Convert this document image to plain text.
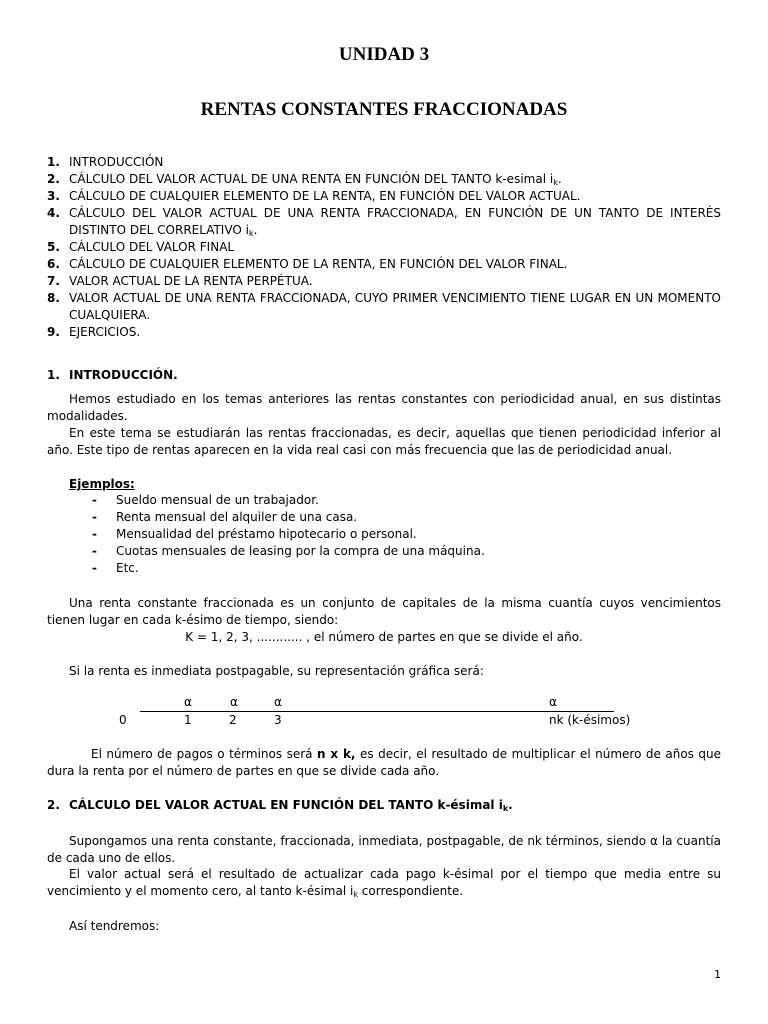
UNIDAD 3
RENTAS CONSTANTES FRACCIONADAS
1. INTRODUCCIÓN
2. CÁLCULO DEL VALOR ACTUAL DE UNA RENTA EN FUNCIÓN DEL TANTO k-esimal $i_k$.
3. CÁLCULO DE CUALQUIER ELEMENTO DE LA RENTA, EN FUNCIÓN DEL VALOR ACTUAL.
4. CÁLCULO DEL VALOR ACTUAL DE UNA RENTA FRACCIONADA, EN FUNCIÓN DE UN TANTO DE INTERÉS DISTINTO DEL CORRELATIVO $i_k$.
5. CÁLCULO DEL VALOR FINAL
6. CÁLCULO DE CUALQUIER ELEMENTO DE LA RENTA, EN FUNCIÓN DEL VALOR FINAL.
7. VALOR ACTUAL DE LA RENTA PERPÉTUA.
8. VALOR ACTUAL DE UNA RENTA FRACCIONADA, CUYO PRIMER VENCIMIENTO TIENE LUGAR EN UN MOMENTO CUALQUIERA.
9. EJERCICIOS.
1. INTRODUCCIÓN.
Hemos estudiado en los temas anteriores las rentas constantes con periodicidad anual, en sus distintas modalidades.
En este tema se estudiarán las rentas fraccionadas, es decir, aquellas que tienen periodicidad inferior al año. Este tipo de rentas aparecen en la vida real casi con más frecuencia que las de periodicidad anual.
Ejemplos:
- Sueldo mensual de un trabajador.
- Renta mensual del alquiler de una casa.
- Mensualidad del préstamo hipotecario o personal.
- Cuotas mensuales de leasing por la compra de una máquina.
- Etc.
Una renta constante fraccionada es un conjunto de capitales de la misma cuantía cuyos vencimientos tienen lugar en cada k-ésimo de tiempo, siendo:
K = 1, 2, 3, ............ , el número de partes en que se divide el año.
Si la renta es inmediata postpagable, su representación gráfica será:
α	α	α	α
0	1	2	3	nk (k-ésimos)
El número de pagos o términos será n x k, es decir, el resultado de multiplicar el número de años que dura la renta por el número de partes en que se divide cada año.
2. CÁLCULO DEL VALOR ACTUAL EN FUNCIÓN DEL TANTO k-ésimal $i_k$.
Supongamos una renta constante, fraccionada, inmediata, postpagable, de nk términos, siendo α la cuantía de cada uno de ellos.
El valor actual será el resultado de actualizar cada pago k-ésimal por el tiempo que media entre su vencimiento y el momento cero, al tanto k-ésimal $i_k$ correspondiente.
Así tendremos:
1
